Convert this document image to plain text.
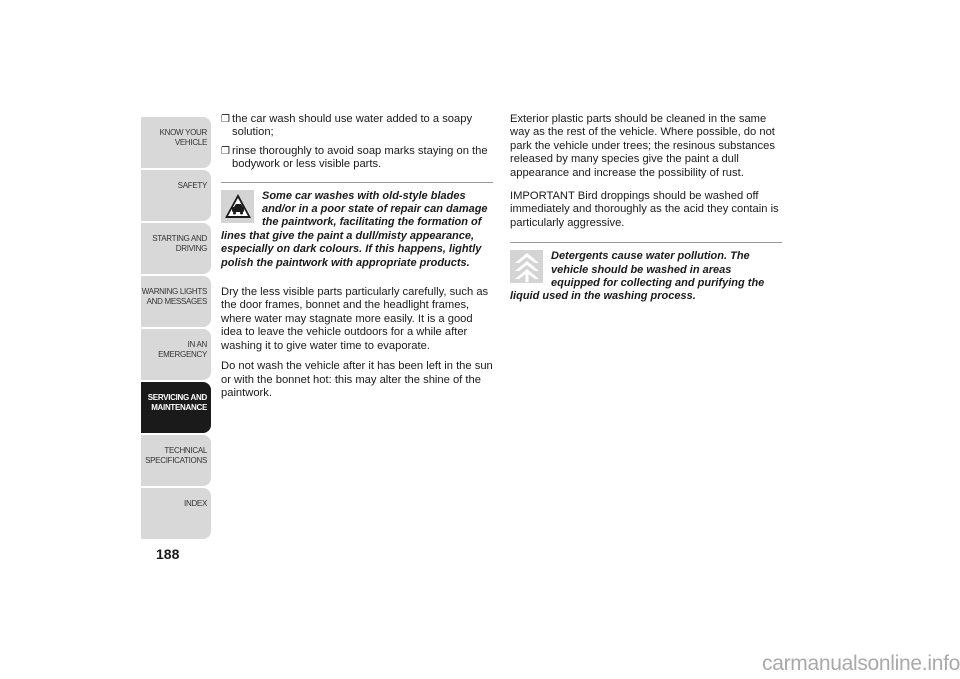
KNOW YOUR
VEHICLE
SAFETY
STARTING AND
DRIVING
WARNING LIGHTS
AND MESSAGES
IN AN EMERGENCY
SERVICING AND
MAINTENANCE
TECHNICAL
SPECIFICATIONS
INDEX
188
❒ the car wash should use water added to a soapy solution;
❒ rinse thoroughly to avoid soap marks staying on the bodywork or less visible parts.
Some car washes with old-style blades and/or in a poor state of repair can damage the paintwork, facilitating the formation of lines that give the paint a dull/misty appearance, especially on dark colours. If this happens, lightly polish the paintwork with appropriate products.

Dry the less visible parts particularly carefully, such as the door frames, bonnet and the headlight frames, where water may stagnate more easily. It is a good idea to leave the vehicle outdoors for a while after washing it to give water time to evaporate.

Do not wash the vehicle after it has been left in the sun or with the bonnet hot: this may alter the shine of the paintwork.

Exterior plastic parts should be cleaned in the same way as the rest of the vehicle. Where possible, do not park the vehicle under trees; the resinous substances released by many species give the paint a dull appearance and increase the possibility of rust.

IMPORTANT Bird droppings should be washed off immediately and thoroughly as the acid they contain is particularly aggressive.

Detergents cause water pollution. The vehicle should be washed in areas equipped for collecting and purifying the liquid used in the washing process.
carmanualsonline.info
